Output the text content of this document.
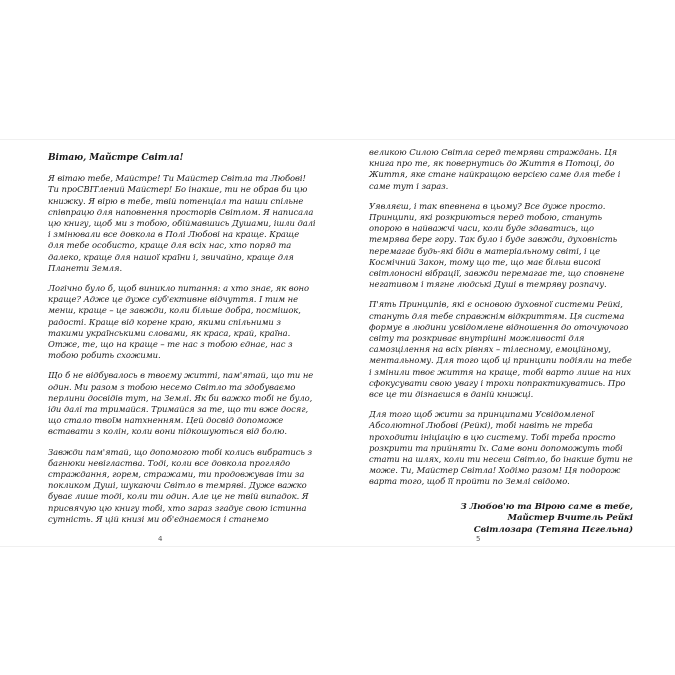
Вітаю, Майстре Світла!

Я вітаю тебе, Майстре! Ти Майстер Світла та Любові! Ти проСВІТлений Майстер! Бо інакше, ти не обрав би цю книжку. Я вірю в тебе, твій потенціал та наши спільне співпрацю для наповнення просторів Світлом. Я написала цю книгу, щоб ми з тобою, обіймавшись Душами, ішли далі і змінювали все довкола в Полі Любові на краще. Краще для тебе особисто, краще для всіх нас, хто поряд та далеко, краще для нашої країни і, звичайно, краще для Планети Земля.

Логічно було б, щоб виникло питання: а хто знає, як воно краще? Адже це дуже суб'єктивне відчуття. І тим не менш, краще – це завжди, коли більше добра, посмішок, радості. Краще від корене краю, якими спільними з такими українськими словами, як краса, край, країна. Отже, те, що на краще – те нас з тобою єднає, нас з тобою робить схожими.

Що б не відбувалось в твоєму житті, пам'ятай, що ти не один. Ми разом з тобою несемо Світло та здобуваємо перлини досвідів тут, на Землі. Як би важко тобі не було, іди далі та тримайся. Тримайся за те, що ти вже досяг, що сталo твоїм натхненням. Цей досвід допоможе вставати з колін, коли вони підкошуються від болю.

Завжди пам'ятай, що допомогою тобі колись вибратись з багнюки невігластва. Тоді, коли все довкола проглядо страждання, горем, стражами, ти продовжував іти за покликом Душі, шукаючи Світло в темряві. Дуже важко буває лише тоді, коли ти один. Але це не твій випадок. Я присвячую цю книгу тобі, хто зараз згадує свою істинна сутність. Я цій книзі ми об'єднаємося і станемо

великою Силою Світла серед темряви страждань. Ця книга про те, як повернутись до Життя в Потоці, до Життя, яке стане найкращою версією саме для тебе і саме тут і зараз.

Уявляєш, і так впевнена в цьому? Все дуже просто. Принципи, які розкриються перед тобою, стануть опорою в найважчі часи, коли буде здаватись, що темрява бере гору. Так було і буде завжди, духовність перемагає будь-які біди в матеріальному світі, і це Космічний Закон, тому що те, що має більш високі світлоносні вібрації, завжди перемагає те, що сповнене негативом і тягне людські Душі в темряву розпачу.

П'ять Принципів, які є основою духовної системи Рейкі, стануть для тебе справжнім відкриттям. Ця система формує в людини усвідомлене відношення до оточуючого світу та розкриває внутрішні можливості для самозцілення на всіх рівнях – тілесному, емоційному, ментальному. Для того щоб ці принципи подіяли на тебе і змінили твоє життя на краще, тобі варто лише на них сфокусувати свою увагу і трохи попрактикуватись. Про все це ти дізнаєшся в даній книжці.

Для того щоб жити за принципами Усвідомленої Абсолютної Любові (Рейкі), тобі навіть не треба проходити ініціацію в цю систему. Тобі треба просто розкрити та прийняти їх. Саме вони допоможуть тобі стати на шлях, коли ти несеш Світло, бо інакше бути не може. Ти, Майстер Світла! Ходімо разом! Ця подорож варта того, щоб її пройти по Землі свідомо.

З Любов'ю та Вірою саме в тебе,
Майстер Вчитель Рейкі
Світлозара (Тетяна Пєгельна)
4	5
